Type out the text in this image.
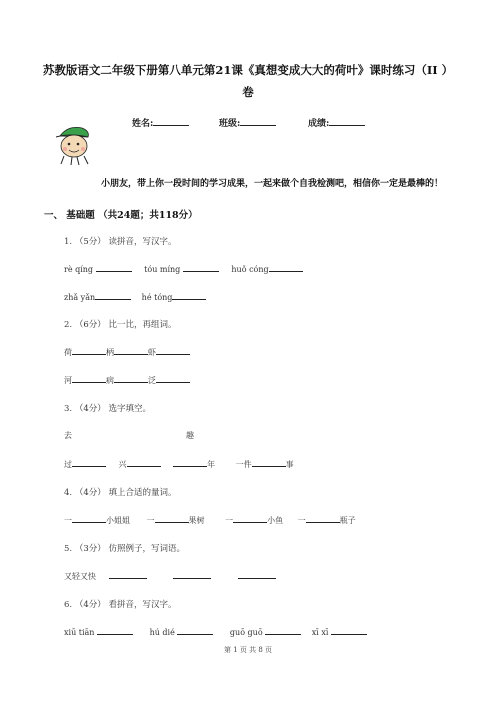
苏教版语文二年级下册第八单元第21课《真想变成大大的荷叶》课时练习（II ）
卷
姓名:	班级:	成绩:
小朋友，带上你一段时间的学习成果，一起来做个自我检测吧，相信你一定是最棒的！
一、 基础题 （共24题；共118分）
1. （5分） 读拼音，写汉字。
rè qíng	tóu míng	huǒ cóng
zhǎ yǎn	hé tóng
2. （6分） 比一比，再组词。
荷	柄	虾
河	病	泛
3. （4分） 选字填空。
去	趣
过	兴	年	一件	事
4. （4分） 填上合适的量词。
一	小姐姐 一	果树	一	小鱼 一	瓶子
5. （3分） 仿照例子，写词语。
又轻又快
6. （4分） 看拼音，写汉字。
xiū tiān	hú dié	guō guō	xī xī
第 1 页 共 8 页
